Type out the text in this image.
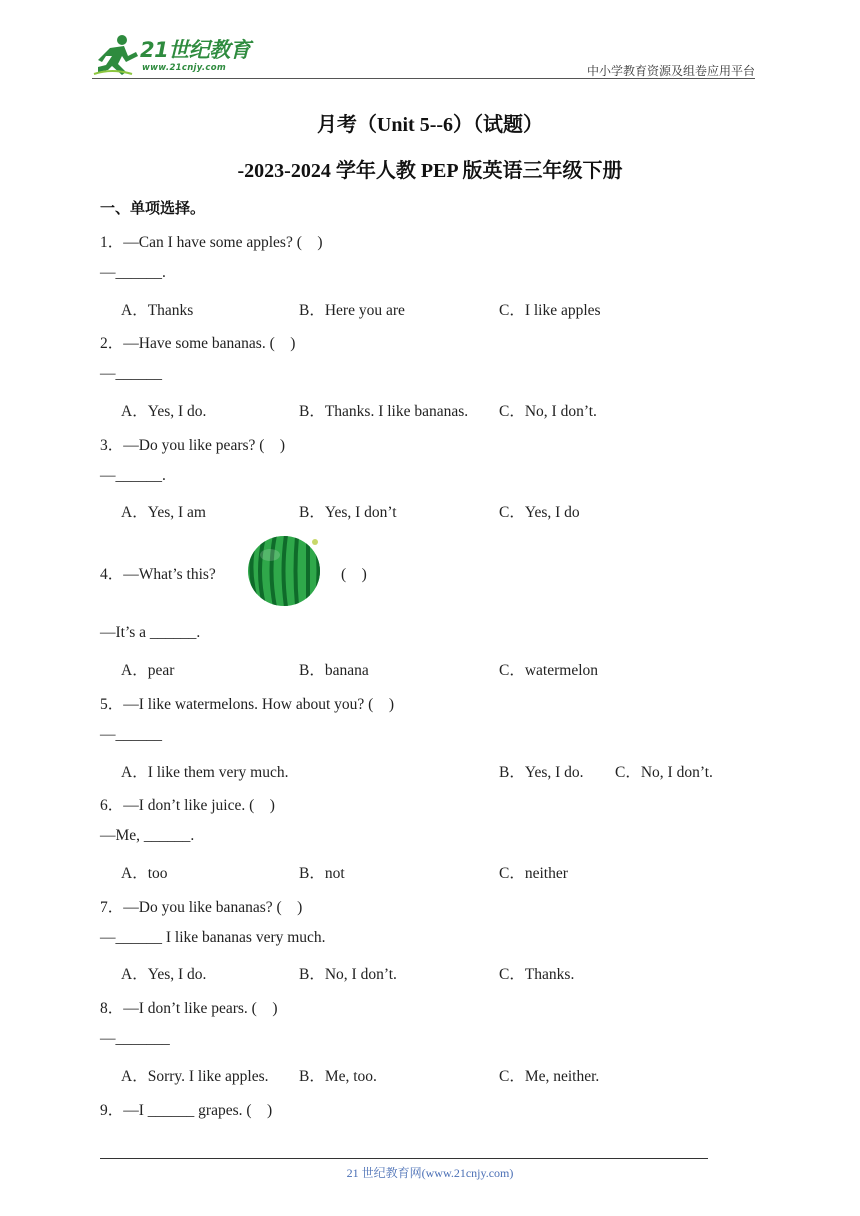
21世纪教育
www.21cnjy.com	中小学教育资源及组卷应用平台
月考（Unit 5--6）（试题）
-2023-2024 学年人教 PEP 版英语三年级下册
一、单项选择。
1．—Can I have some apples? (　)
—______.
A．Thanks	B．Here you are	C．I like apples
2．—Have some bananas. (　)
—______
A．Yes, I do.	B．Thanks. I like bananas. C．No, I don’t.
3．—Do you like pears? (　)
—______.
A．Yes, I am	B．Yes, I don’t	C．Yes, I do
4．—What’s this?	(　)
—It’s a ______.
A．pear	B．banana	C．watermelon
5．—I like watermelons. How about you? (　)
—______
A．I like them very much.	B．Yes, I do. C．No, I don’t.
6．—I don’t like juice. (　)
—Me, ______.
A．too	B．not	C．neither
7．—Do you like bananas? (　)
—______ I like bananas very much.
A．Yes, I do.	B．No, I don’t.	C．Thanks.
8．—I don’t like pears. (　)
—_______
A．Sorry. I like apples. B．Me, too.	C．Me, neither.
9．—I ______ grapes. (　)
21 世纪教育网(www.21cnjy.com)
